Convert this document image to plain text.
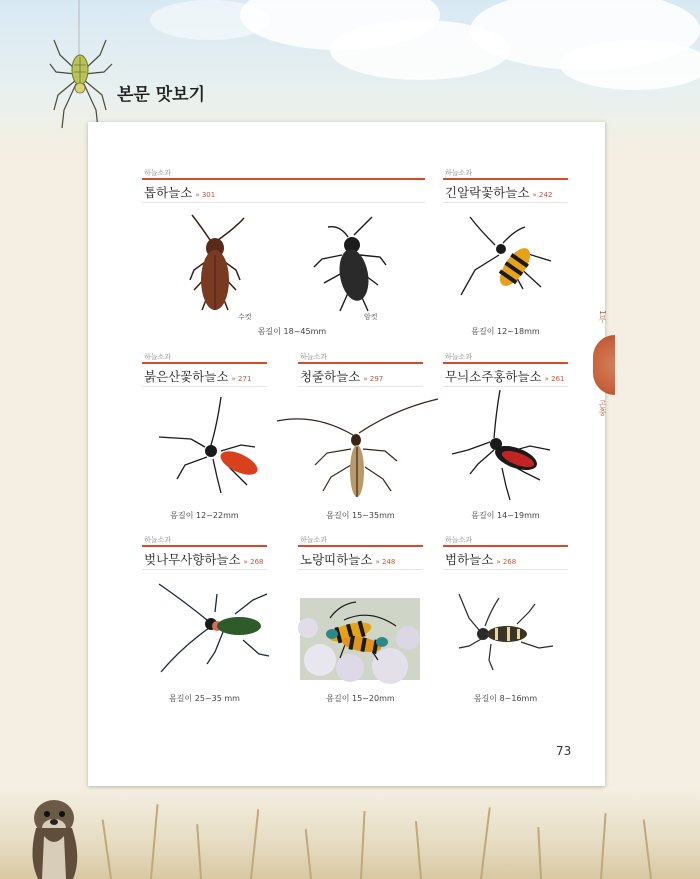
본문 맛보기
1부
곤충
하늘소과
톱하늘소 » 301
수컷	암컷
몸길이 18~45mm
하늘소과
긴알락꽃하늘소 » 242
몸길이 12~18mm
하늘소과
붉은산꽃하늘소 » 271
몸길이 12~22mm
하늘소과
청줄하늘소 » 297
몸길이 15~35mm
하늘소과
무늬소주홍하늘소 » 261
몸길이 14~19mm
하늘소과
벚나무사향하늘소 » 268
몸길이 25~35 mm
하늘소과
노랑띠하늘소 » 248
몸길이 15~20mm
하늘소과
범하늘소 » 268
몸길이 8~16mm
73
